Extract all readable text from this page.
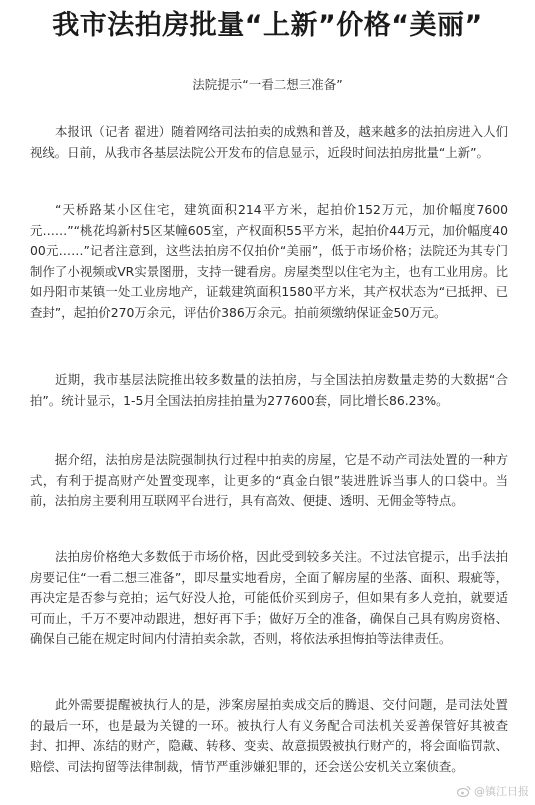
我市法拍房批量“上新”价格“美丽”
法院提示“一看二想三准备”
本报讯（记者 翟进）随着网络司法拍卖的成熟和普及，越来越多的法拍房进入人们视线。日前，从我市各基层法院公开发布的信息显示，近段时间法拍房批量“上新”。
“天桥路某小区住宅，建筑面积214平方米，起拍价152万元，加价幅度7600元……”“桃花坞新村5区某幢605室，产权面积55平方米，起拍价44万元，加价幅度4000元……”记者注意到，这些法拍房不仅拍价“美丽”，低于市场价格；法院还为其专门制作了小视频或VR实景图册，支持一键看房。房屋类型以住宅为主，也有工业用房。比如丹阳市某镇一处工业房地产，证载建筑面积1580平方米，其产权状态为“已抵押、已查封”，起拍价270万余元，评估价386万余元。拍前须缴纳保证金50万元。
近期，我市基层法院推出较多数量的法拍房，与全国法拍房数量走势的大数据“合拍”。统计显示，1-5月全国法拍房挂拍量为277600套，同比增长86.23%。
据介绍，法拍房是法院强制执行过程中拍卖的房屋，它是不动产司法处置的一种方式，有利于提高财产处置变现率，让更多的“真金白银”装进胜诉当事人的口袋中。当前，法拍房主要利用互联网平台进行，具有高效、便捷、透明、无佣金等特点。
法拍房价格绝大多数低于市场价格，因此受到较多关注。不过法官提示，出手法拍房要记住“一看二想三准备”，即尽量实地看房，全面了解房屋的坐落、面积、瑕疵等，再决定是否参与竞拍；运气好没人抢，可能低价买到房子，但如果有多人竞拍，就要适可而止，千万不要冲动跟进，想好再下手；做好万全的准备，确保自己具有购房资格、确保自己能在规定时间内付清拍卖余款，否则，将依法承担悔拍等法律责任。
此外需要提醒被执行人的是，涉案房屋拍卖成交后的腾退、交付问题，是司法处置的最后一环，也是最为关键的一环。被执行人有义务配合司法机关妥善保管好其被查封、扣押、冻结的财产，隐藏、转移、变卖、故意损毁被执行财产的，将会面临罚款、赔偿、司法拘留等法律制裁，情节严重涉嫌犯罪的，还会送公安机关立案侦查。
@镇江日报
